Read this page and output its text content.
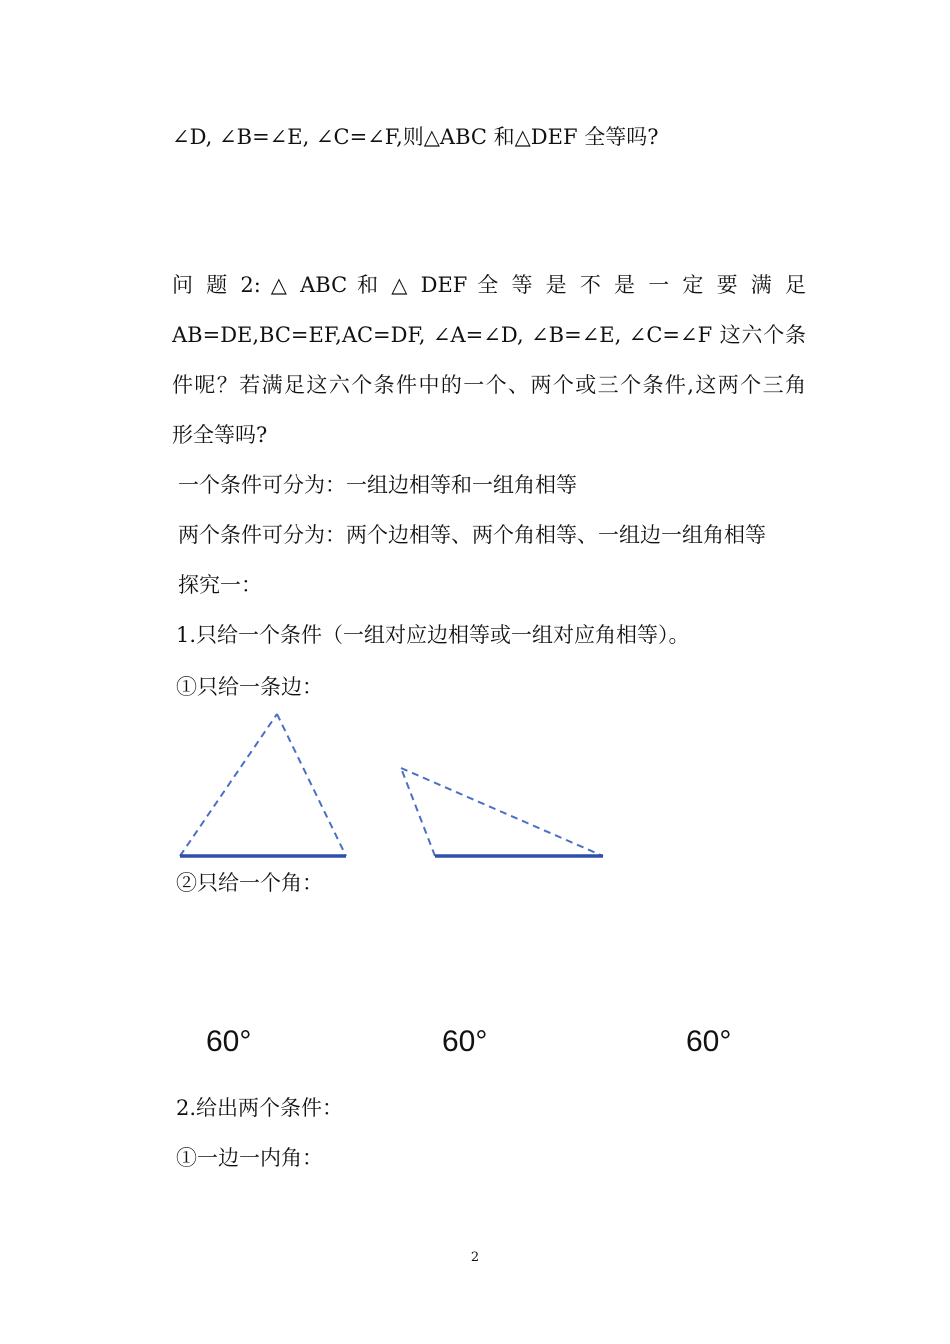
∠D, ∠B=∠E, ∠C=∠F,则△ABC 和△DEF 全等吗?

问 题 2: △ ABC 和 △ DEF 全 等 是 不 是 一 定 要 满 足

AB=DE,BC=EF,AC=DF, ∠A=∠D, ∠B=∠E, ∠C=∠F 这六个条

件呢？若满足这六个条件中的一个、两个或三个条件,这两个三角

形全等吗?

一个条件可分为：一组边相等和一组角相等

两个条件可分为：两个边相等、两个角相等、一组边一组角相等

探究一：

1.只给一个条件（一组对应边相等或一组对应角相等）。

①只给一条边：

②只给一个角：

60°	60°	60°

2.给出两个条件：

①一边一内角：

2
